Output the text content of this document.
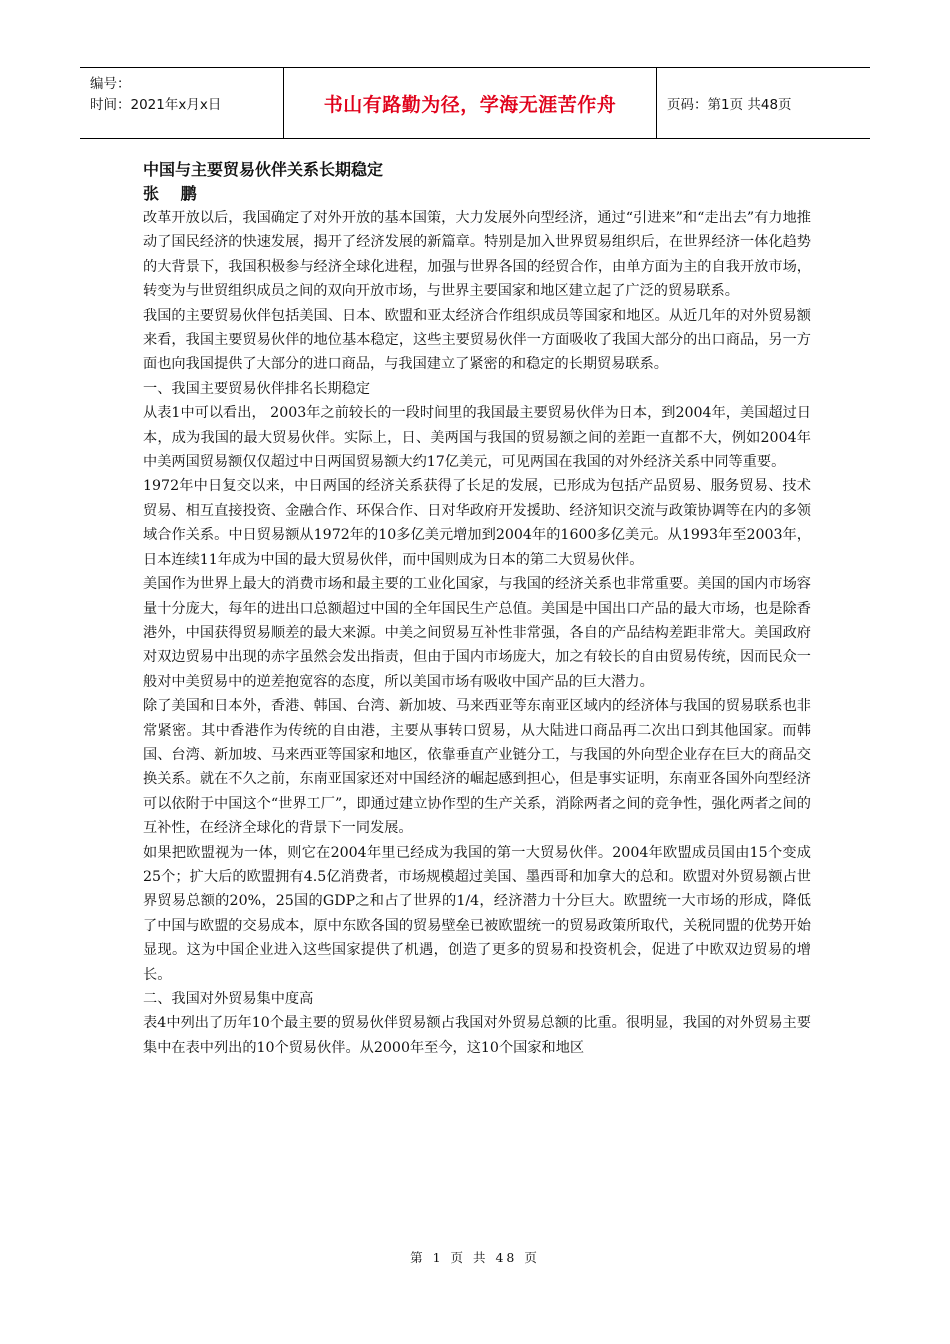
编号：
时间：2021年x月x日	书山有路勤为径，学海无涯苦作舟	页码：第1页 共48页

中国与主要贸易伙伴关系长期稳定

张 鹏

改革开放以后，我国确定了对外开放的基本国策，大力发展外向型经济，通过“引进来”和“走出去”有力地推动了国民经济的快速发展，揭开了经济发展的新篇章。特别是加入世界贸易组织后，在世界经济一体化趋势的大背景下，我国积极参与经济全球化进程，加强与世界各国的经贸合作，由单方面为主的自我开放市场，转变为与世贸组织成员之间的双向开放市场，与世界主要国家和地区建立起了广泛的贸易联系。

我国的主要贸易伙伴包括美国、日本、欧盟和亚太经济合作组织成员等国家和地区。从近几年的对外贸易额来看，我国主要贸易伙伴的地位基本稳定，这些主要贸易伙伴一方面吸收了我国大部分的出口商品，另一方面也向我国提供了大部分的进口商品，与我国建立了紧密的和稳定的长期贸易联系。

一、我国主要贸易伙伴排名长期稳定

从表1中可以看出， 2003年之前较长的一段时间里的我国最主要贸易伙伴为日本，到2004年，美国超过日本，成为我国的最大贸易伙伴。实际上，日、美两国与我国的贸易额之间的差距一直都不大，例如2004年中美两国贸易额仅仅超过中日两国贸易额大约17亿美元，可见两国在我国的对外经济关系中同等重要。

1972年中日复交以来，中日两国的经济关系获得了长足的发展，已形成为包括产品贸易、服务贸易、技术贸易、相互直接投资、金融合作、环保合作、日对华政府开发援助、经济知识交流与政策协调等在内的多领域合作关系。中日贸易额从1972年的10多亿美元增加到2004年的1600多亿美元。从1993年至2003年，日本连续11年成为中国的最大贸易伙伴，而中国则成为日本的第二大贸易伙伴。

美国作为世界上最大的消费市场和最主要的工业化国家，与我国的经济关系也非常重要。美国的国内市场容量十分庞大，每年的进出口总额超过中国的全年国民生产总值。美国是中国出口产品的最大市场，也是除香港外，中国获得贸易顺差的最大来源。中美之间贸易互补性非常强，各自的产品结构差距非常大。美国政府对双边贸易中出现的赤字虽然会发出指责，但由于国内市场庞大，加之有较长的自由贸易传统，因而民众一般对中美贸易中的逆差抱宽容的态度，所以美国市场有吸收中国产品的巨大潜力。

除了美国和日本外，香港、韩国、台湾、新加坡、马来西亚等东南亚区域内的经济体与我国的贸易联系也非常紧密。其中香港作为传统的自由港，主要从事转口贸易，从大陆进口商品再二次出口到其他国家。而韩国、台湾、新加坡、马来西亚等国家和地区，依靠垂直产业链分工，与我国的外向型企业存在巨大的商品交换关系。就在不久之前，东南亚国家还对中国经济的崛起感到担心，但是事实证明，东南亚各国外向型经济可以依附于中国这个“世界工厂”，即通过建立协作型的生产关系，消除两者之间的竞争性，强化两者之间的互补性，在经济全球化的背景下一同发展。

如果把欧盟视为一体，则它在2004年里已经成为我国的第一大贸易伙伴。2004年欧盟成员国由15个变成25个；扩大后的欧盟拥有4.5亿消费者，市场规模超过美国、墨西哥和加拿大的总和。欧盟对外贸易额占世界贸易总额的20%，25国的GDP之和占了世界的1/4，经济潜力十分巨大。欧盟统一大市场的形成，降低了中国与欧盟的交易成本，原中东欧各国的贸易壁垒已被欧盟统一的贸易政策所取代，关税同盟的优势开始显现。这为中国企业进入这些国家提供了机遇，创造了更多的贸易和投资机会，促进了中欧双边贸易的增长。

二、我国对外贸易集中度高

表4中列出了历年10个最主要的贸易伙伴贸易额占我国对外贸易总额的比重。很明显，我国的对外贸易主要集中在表中列出的10个贸易伙伴。从2000年至今，这10个国家和地区

第 1 页 共 48 页
